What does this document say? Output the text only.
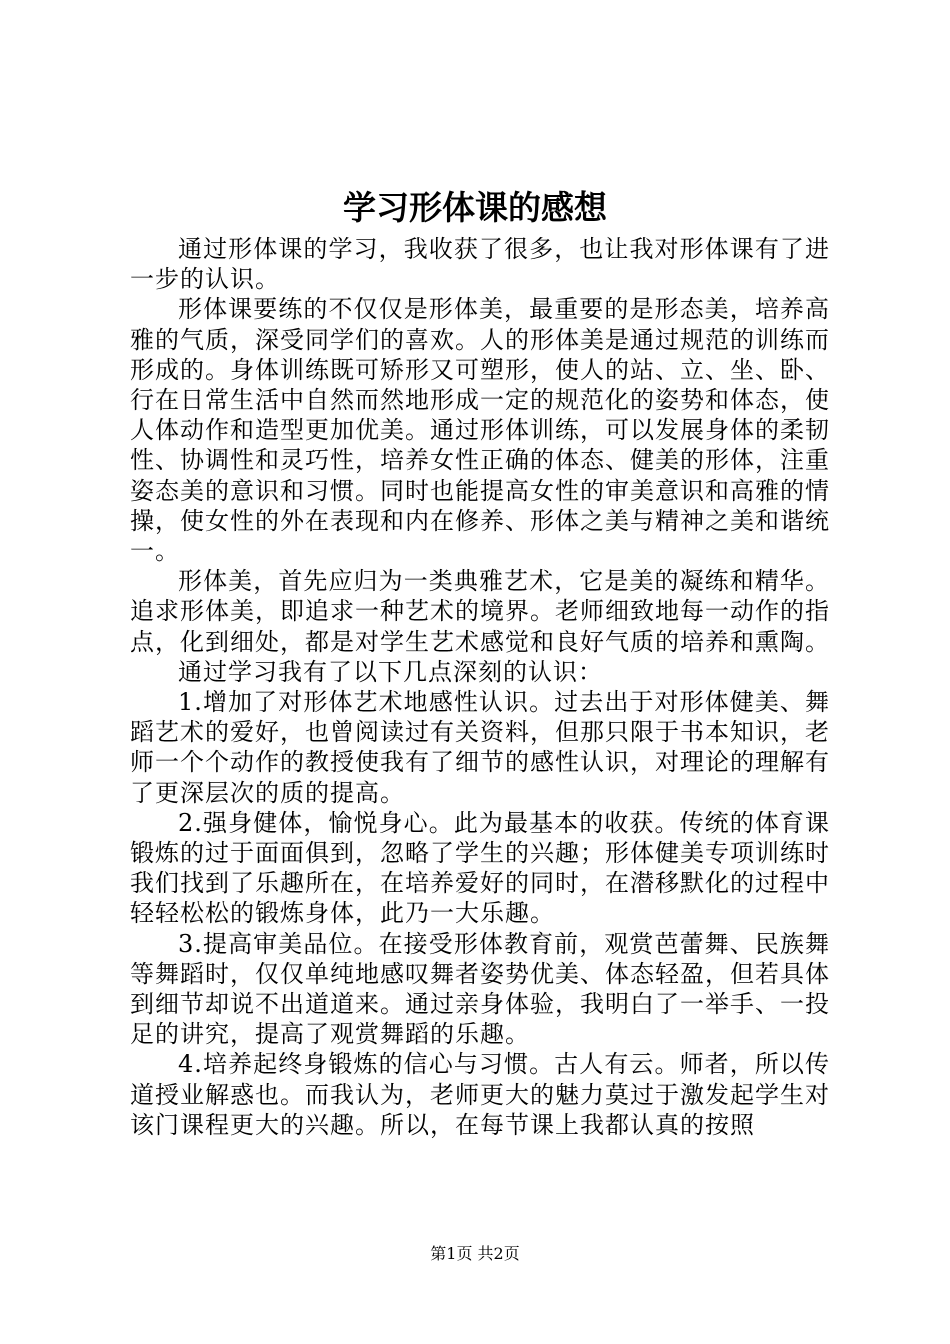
学习形体课的感想

通过形体课的学习，我收获了很多，也让我对形体课有了进一步的认识。

形体课要练的不仅仅是形体美，最重要的是形态美，培养高雅的气质，深受同学们的喜欢。人的形体美是通过规范的训练而形成的。身体训练既可矫形又可塑形，使人的站、立、坐、卧、行在日常生活中自然而然地形成一定的规范化的姿势和体态，使人体动作和造型更加优美。通过形体训练，可以发展身体的柔韧性、协调性和灵巧性，培养女性正确的体态、健美的形体，注重姿态美的意识和习惯。同时也能提高女性的审美意识和高雅的情操，使女性的外在表现和内在修养、形体之美与精神之美和谐统一。

形体美，首先应归为一类典雅艺术，它是美的凝练和精华。追求形体美，即追求一种艺术的境界。老师细致地每一动作的指点，化到细处，都是对学生艺术感觉和良好气质的培养和熏陶。

通过学习我有了以下几点深刻的认识：

1.增加了对形体艺术地感性认识。过去出于对形体健美、舞蹈艺术的爱好，也曾阅读过有关资料，但那只限于书本知识，老师一个个动作的教授使我有了细节的感性认识，对理论的理解有了更深层次的质的提高。

2.强身健体，愉悦身心。此为最基本的收获。传统的体育课锻炼的过于面面俱到，忽略了学生的兴趣；形体健美专项训练时我们找到了乐趣所在，在培养爱好的同时，在潜移默化的过程中轻轻松松的锻炼身体，此乃一大乐趣。

3.提高审美品位。在接受形体教育前，观赏芭蕾舞、民族舞等舞蹈时，仅仅单纯地感叹舞者姿势优美、体态轻盈，但若具体到细节却说不出道道来。通过亲身体验，我明白了一举手、一投足的讲究，提高了观赏舞蹈的乐趣。

4.培养起终身锻炼的信心与习惯。古人有云。师者，所以传道授业解惑也。而我认为，老师更大的魅力莫过于激发起学生对该门课程更大的兴趣。所以，在每节课上我都认真的按照

第1页 共2页
